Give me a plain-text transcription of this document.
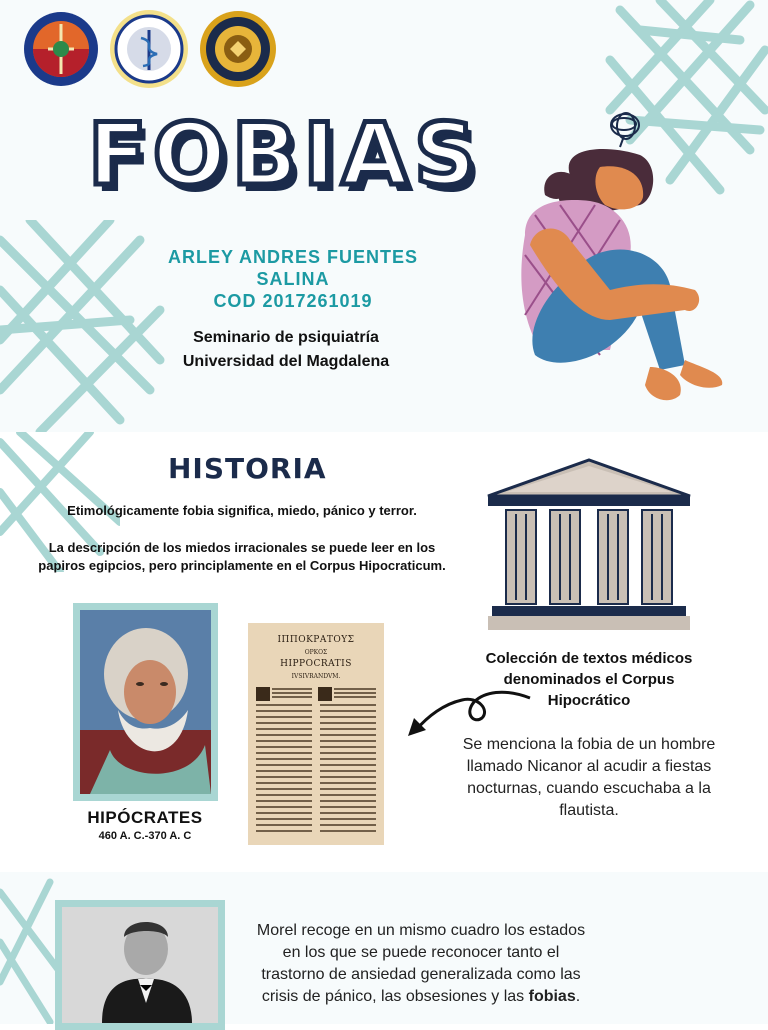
FOBIAS
ARLEY ANDRES FUENTES SALINA
COD 2017261019
Seminario de psiquiatría
Universidad del Magdalena
HISTORIA
Etimológicamente fobia significa, miedo, pánico y terror.
La descripción de los miedos irracionales se puede leer en los papiros egipcios, pero principlamente en el Corpus Hipocraticum.
HIPÓCRATES
460 A. C.-370 A. C
ΙΠΠΟΚΡΑΤΟΥΣ
ΟΡΚΟΣ
HIPPOCRATIS
IVSIVRANDVM.
Colección de textos médicos denominados el Corpus Hipocrático
Se menciona la fobia de un hombre llamado Nicanor al acudir a fiestas nocturnas, cuando escuchaba a la flautista.
Morel recoge en un mismo cuadro los estados en los que se puede reconocer tanto el trastorno de ansiedad generalizada como las crisis de pánico, las obsesiones y las fobias.
